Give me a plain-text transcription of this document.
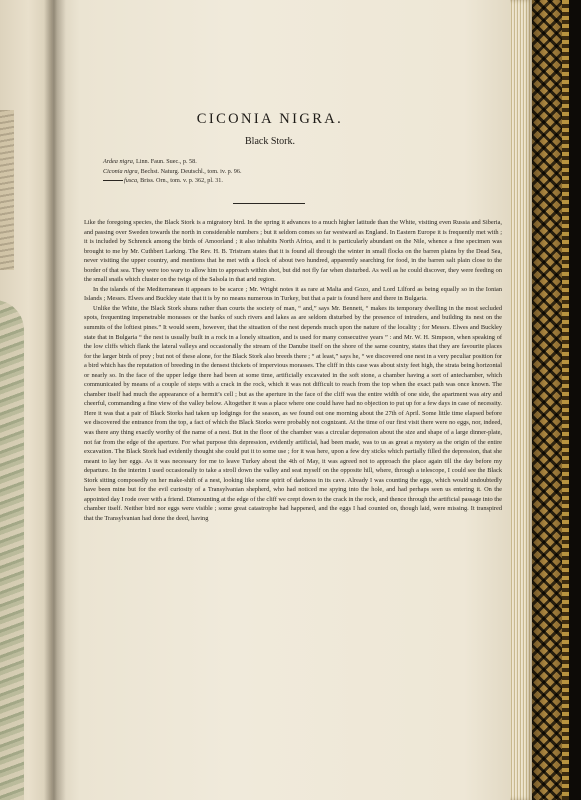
CICONIA NIGRA.
Black Stork.
Ardea nigra, Linn. Faun. Suec., p. 58.
Ciconia nigra, Bechst. Naturg. Deutschl., tom. iv. p. 96.
fusca, Briss. Orn., tom. v. p. 362, pl. 31.

Like the foregoing species, the Black Stork is a migratory bird. In the spring it advances to a much higher latitude than the White, visiting even Russia and Siberia, and passing over Sweden towards the north in considerable numbers ; but it seldom comes so far westward as England. In Eastern Europe it is frequently met with ; it is included by Schrenck among the birds of Amoorland ; it also inhabits North Africa, and it is particularly abundant on the Nile, whence a fine specimen was brought to me by Mr. Cuthbert Larking. The Rev. H. B. Tristram states that it is found all through the winter in small flocks on the barren plains by the Dead Sea, never visiting the upper country, and mentions that he met with a flock of about two hundred, apparently searching for food, in the barren salt plain close to the border of that sea. They were too wary to allow him to approach within shot, but did not fly far when disturbed. As well as he could discover, they were feeding on the small snails which cluster on the twigs of the Salsola in that arid region.

In the islands of the Mediterranean it appears to be scarce ; Mr. Wright notes it as rare at Malta and Gozo, and Lord Lilford as being equally so in the Ionian Islands ; Messrs. Elwes and Buckley state that it is by no means numerous in Turkey, but that a pair is found here and there in Bulgaria.

Unlike the White, the Black Stork shuns rather than courts the society of man, “ and,” says Mr. Bennett, “ makes its temporary dwelling in the most secluded spots, frequenting impenetrable morasses or the banks of such rivers and lakes as are seldom disturbed by the presence of intruders, and building its nest on the summits of the loftiest pines.” It would seem, however, that the situation of the nest depends much upon the nature of the locality ; for Messrs. Elwes and Buckley state that in Bulgaria “ the nest is usually built in a rock in a lonely situation, and is used for many consecutive years ” : and Mr. W. H. Simpson, when speaking of the low cliffs which flank the lateral valleys and occasionally the stream of the Danube itself on the shore of the same country, states that they are favourite places for the larger birds of prey ; but not of these alone, for the Black Stork also breeds there ; “ at least,” says he, “ we discovered one nest in a very peculiar position for a bird which has the reputation of breeding in the densest thickets of impervious morasses. The cliff in this case was about sixty feet high, the strata being horizontal or nearly so. In the face of the upper ledge there had been at some time, artificially excavated in the soft stone, a chamber having a sort of antechamber, which communicated by means of a couple of steps with a crack in the rock, which it was not difficult to reach from the top when the exact path was once known. The chamber itself had much the appearance of a hermit’s cell ; but as the aperture in the face of the cliff was the entire width of one side, the apartment was airy and cheerful, commanding a fine view of the valley below. Altogether it was a place where one could have had no objection to put up for a few days in case of necessity. Here it was that a pair of Black Storks had taken up lodgings for the season, as we found out one morning about the 27th of April. Some little time elapsed before we discovered the entrance from the top, a fact of which the Black Storks were probably not cognizant. At the time of our first visit there were no eggs, nor, indeed, was there any thing exactly worthy of the name of a nest. But in the floor of the chamber was a circular depression about the size and shape of a large dinner-plate, not far from the edge of the aperture. For what purpose this depression, evidently artificial, had been made, was to us as great a mystery as the origin of the entire excavation. The Black Stork had evidently thought she could put it to some use ; for it was here, upon a few dry sticks which partially filled the depression, that she meant to lay her eggs. As it was necessary for me to leave Turkey about the 4th of May, it was agreed not to approach the place again till the day before my departure. In the interim I used occasionally to take a stroll down the valley and seat myself on the opposite hill, where, through a telescope, I could see the Black Stork sitting composedly on her make-shift of a nest, looking like some spirit of darkness in its cave. Already I was counting the eggs, which would undoubtedly have been mine but for the evil curiosity of a Transylvanian shepherd, who had noticed me spying into the hole, and had perhaps seen us entering it. On the appointed day I rode over with a friend. Dismounting at the edge of the cliff we crept down to the crack in the rock, and thence through the artificial passage into the chamber itself. Neither bird nor eggs were visible ; some great catastrophe had happened, and the eggs I had counted on, though laid, were missing. It transpired that the Transylvanian had done the deed, having
